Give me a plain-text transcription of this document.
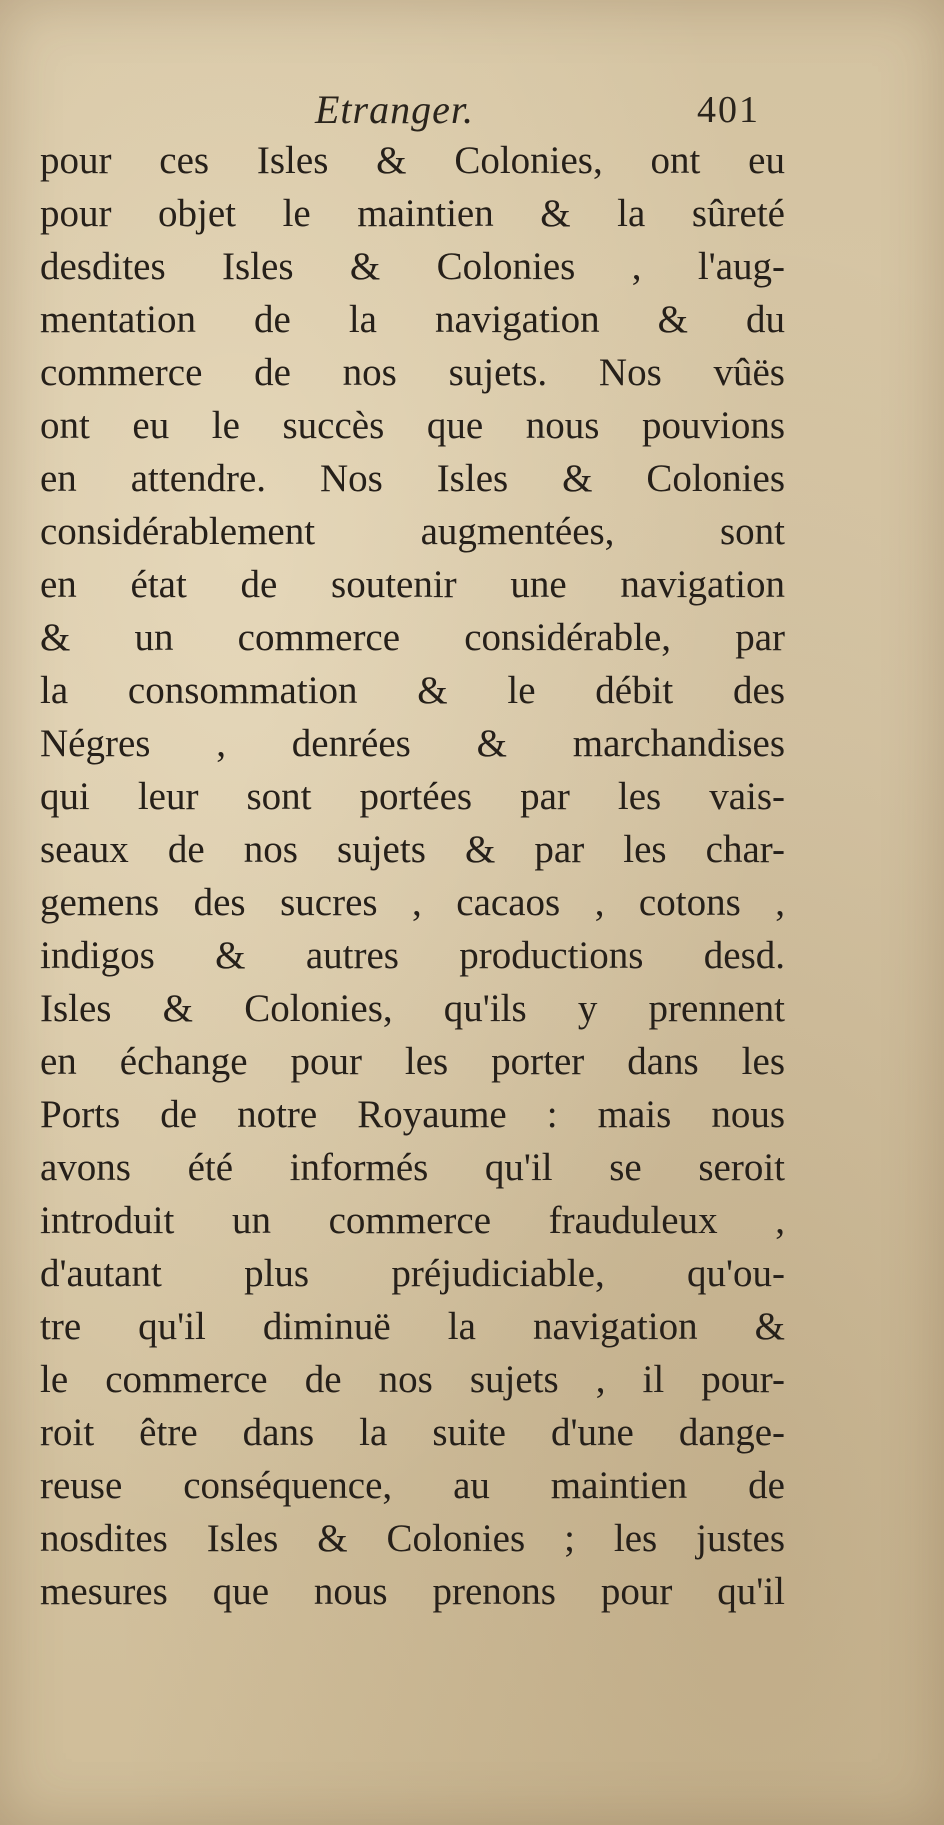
Etranger.	401
pour ces Isles & Colonies, ont eu
pour objet le maintien & la sûreté
desdites Isles & Colonies , l'aug-
mentation de la navigation & du
commerce de nos sujets. Nos vûës
ont eu le succès que nous pouvions
en attendre. Nos Isles & Colonies
considérablement augmentées, sont
en état de soutenir une navigation
& un commerce considérable, par
la consommation & le débit des
Négres , denrées & marchandises
qui leur sont portées par les vais-
seaux de nos sujets & par les char-
gemens des sucres , cacaos , cotons ,
indigos & autres productions desd.
Isles & Colonies, qu'ils y prennent
en échange pour les porter dans les
Ports de notre Royaume : mais nous
avons été informés qu'il se seroit
introduit un commerce frauduleux ,
d'autant plus préjudiciable, qu'ou-
tre qu'il diminuë la navigation &
le commerce de nos sujets , il pour-
roit être dans la suite d'une dange-
reuse conséquence, au maintien de
nosdites Isles & Colonies ; les justes
mesures que nous prenons pour qu'il
